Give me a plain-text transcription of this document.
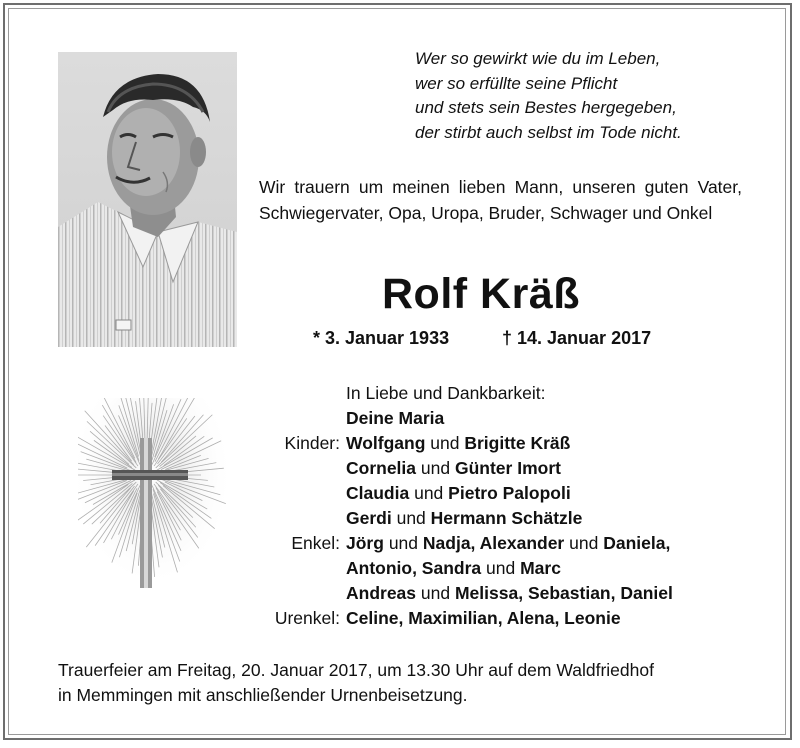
Wer so gewirkt wie du im Leben,
wer so erfüllte seine Pflicht
und stets sein Bestes hergegeben,
der stirbt auch selbst im Tode nicht.
Wir trauern um meinen lieben Mann, unseren guten Vater, Schwiegervater, Opa, Uropa, Bruder, Schwager und Onkel
Rolf Kräß
* 3. Januar 1933	† 14. Januar 2017
In Liebe und Dankbarkeit:
Deine Maria
Kinder: Wolfgang und Brigitte Kräß
Cornelia und Günter Imort
Claudia und Pietro Palopoli
Gerdi und Hermann Schätzle
Enkel: Jörg und Nadja, Alexander und Daniela,
Antonio, Sandra und Marc
Andreas und Melissa, Sebastian, Daniel
Urenkel: Celine, Maximilian, Alena, Leonie
Trauerfeier am Freitag, 20. Januar 2017, um 13.30 Uhr auf dem Waldfriedhof
in Memmingen mit anschließender Urnenbeisetzung.
